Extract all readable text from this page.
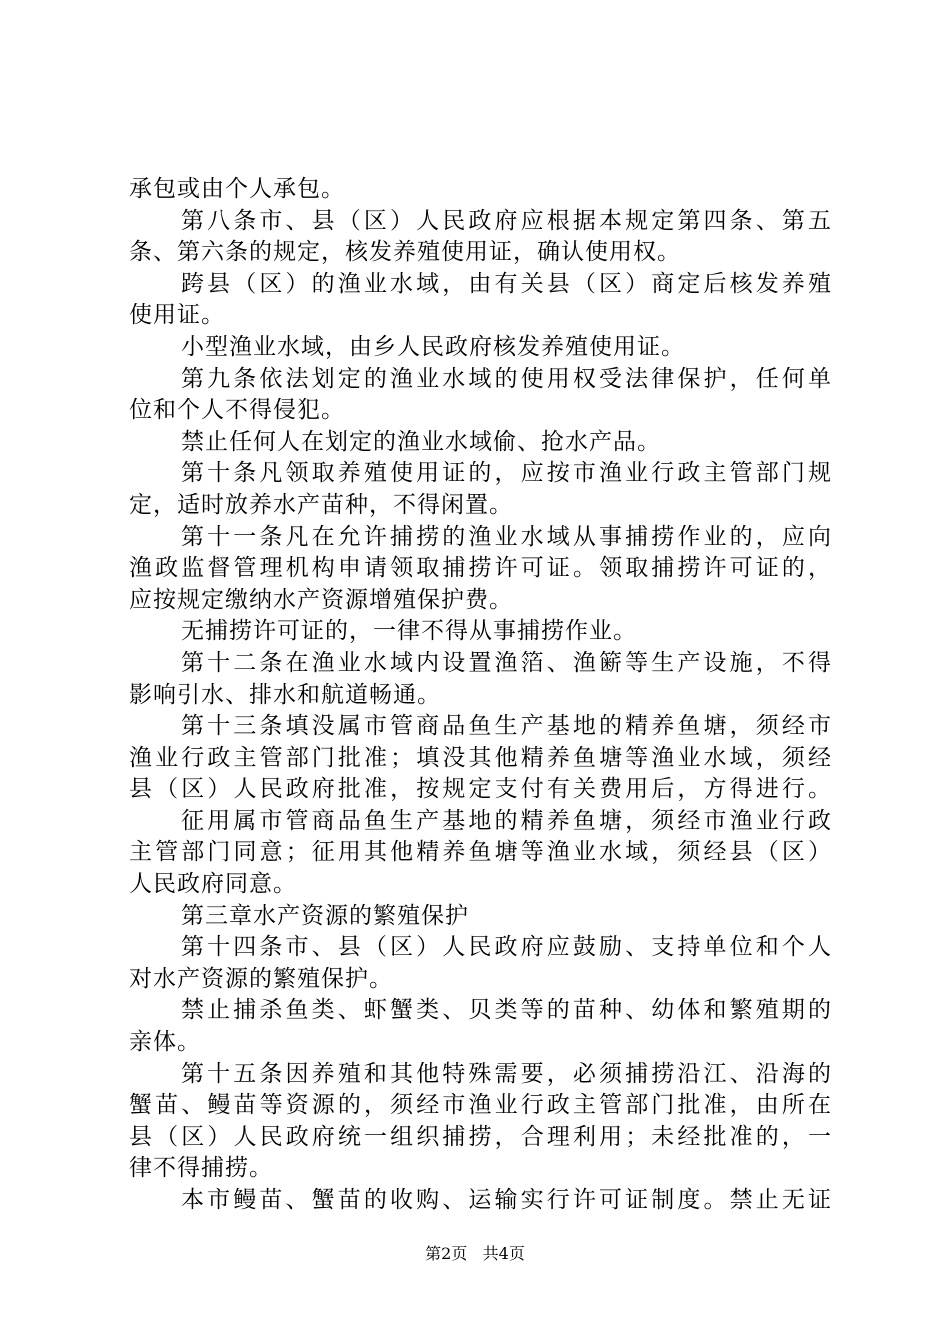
承包或由个人承包。
第八条市、县（区）人民政府应根据本规定第四条、第五
条、第六条的规定，核发养殖使用证，确认使用权。
跨县（区）的渔业水域，由有关县（区）商定后核发养殖
使用证。
小型渔业水域，由乡人民政府核发养殖使用证。
第九条依法划定的渔业水域的使用权受法律保护，任何单
位和个人不得侵犯。
禁止任何人在划定的渔业水域偷、抢水产品。
第十条凡领取养殖使用证的，应按市渔业行政主管部门规
定，适时放养水产苗种，不得闲置。
第十一条凡在允许捕捞的渔业水域从事捕捞作业的，应向
渔政监督管理机构申请领取捕捞许可证。领取捕捞许可证的，
应按规定缴纳水产资源增殖保护费。
无捕捞许可证的，一律不得从事捕捞作业。
第十二条在渔业水域内设置渔箔、渔簖等生产设施，不得
影响引水、排水和航道畅通。
第十三条填没属市管商品鱼生产基地的精养鱼塘，须经市
渔业行政主管部门批准；填没其他精养鱼塘等渔业水域，须经
县（区）人民政府批准，按规定支付有关费用后，方得进行。
征用属市管商品鱼生产基地的精养鱼塘，须经市渔业行政
主管部门同意；征用其他精养鱼塘等渔业水域，须经县（区）
人民政府同意。
第三章水产资源的繁殖保护
第十四条市、县（区）人民政府应鼓励、支持单位和个人
对水产资源的繁殖保护。
禁止捕杀鱼类、虾蟹类、贝类等的苗种、幼体和繁殖期的
亲体。
第十五条因养殖和其他特殊需要，必须捕捞沿江、沿海的
蟹苗、鳗苗等资源的，须经市渔业行政主管部门批准，由所在
县（区）人民政府统一组织捕捞，合理利用；未经批准的，一
律不得捕捞。
本市鳗苗、蟹苗的收购、运输实行许可证制度。禁止无证
第2页 共4页
